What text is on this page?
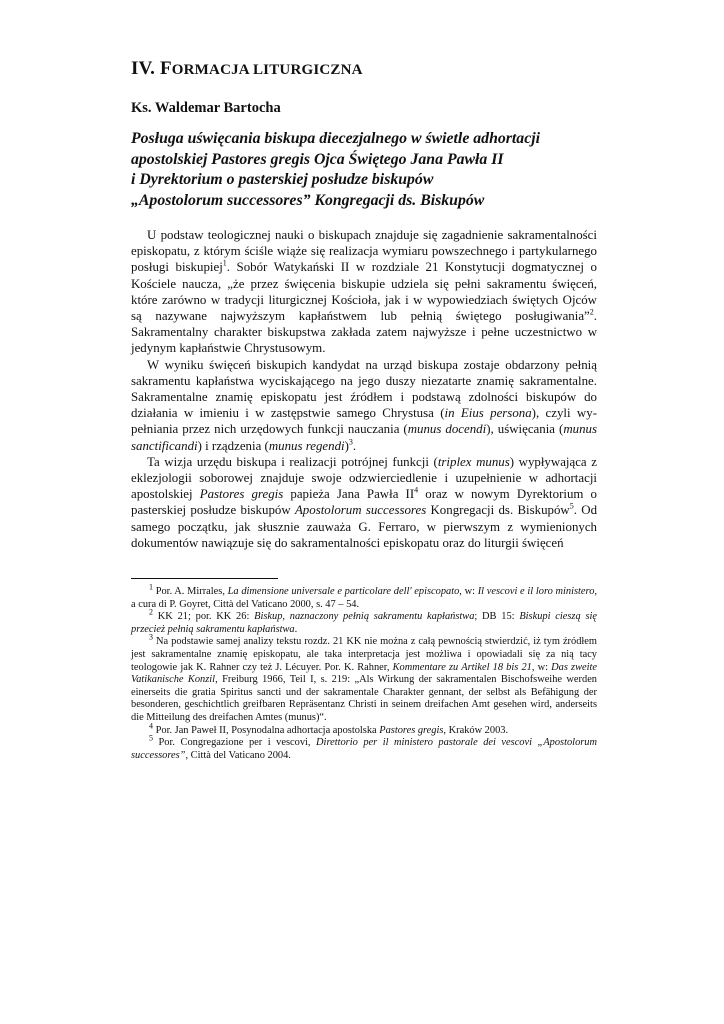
IV. FORMACJA LITURGICZNA
Ks. Waldemar Bartocha
Posługa uświęcania biskupa diecezjalnego w świetle adhortacji
apostolskiej Pastores gregis Ojca Świętego Jana Pawła II
i Dyrektorium o pasterskiej posłudze biskupów
„Apostolorum successores” Kongregacji ds. Biskupów

U podstaw teologicznej nauki o biskupach znajduje się zagadnienie sakramentalności episkopatu, z którym ściśle wiąże się realizacja wymiaru powszechnego i partykularnego posługi biskupiej$^1$. Sobór Watykański II w rozdziale 21 Konstytucji dogmatycznej o Kościele naucza, „że przez święcenia biskupie udziela się pełni sakramentu święceń, które zarówno w tradycji liturgicznej Kościoła, jak i w wypowiedziach świętych Ojców są nazywane najwyższym kapłaństwem lub pełnią świętego posługiwania”$^2$. Sakramentalny charakter biskupstwa zakłada zatem najwyższe i pełne uczestnictwo w jedynym kapłaństwie Chrystusowym.

W wyniku święceń biskupich kandydat na urząd biskupa zostaje obdarzony pełnią sakramentu kapłaństwa wyciskającego na jego duszy niezatarte znamię sakramentalne. Sakramentalne znamię episkopatu jest źródłem i podstawą zdolności biskupów do działania w imieniu i w zastępstwie samego Chrystusa (in Eius persona), czyli wypełniania przez nich urzędowych funkcji nauczania (munus docendi), uświęcania (munus sanctificandi) i rządzenia (munus regendi)$^3$.

Ta wizja urzędu biskupa i realizacji potrójnej funkcji (triplex munus) wypływająca z eklezjologii soborowej znajduje swoje odzwierciedlenie i uzupełnienie w adhortacji apostolskiej Pastores gregis papieża Jana Pawła $II^4$ oraz w nowym Dyrektorium o pasterskiej posłudze biskupów Apostolorum successores Kongregacji ds. Biskupów$^5$. Od samego początku, jak słusznie zauważa G. Ferraro, w pierwszym z wymienionych dokumentów nawiązuje się do sakramentalności episkopatu oraz do liturgii święceń

$^1$ Por. A. Mirrales, La dimensione universale e particolare dell' episcopato, w: Il vescovi e il loro ministero, a cura di P. Goyret, Città del Vaticano 2000, s. 47 – 54.

$^2$ KK 21; por. KK 26: Biskup, naznaczony pełnią sakramentu kapłaństwa; DB 15: Biskupi cieszą się przecież pełnią sakramentu kapłaństwa.

$^3$ Na podstawie samej analizy tekstu rozdz. 21 KK nie można z całą pewnością stwierdzić, iż tym źródłem jest sakramentalne znamię episkopatu, ale taka interpretacja jest możliwa i opowiadali się za nią tacy teologowie jak K. Rahner czy też J. Lécuyer. Por. K. Rahner, Kommentare zu Artikel 18 bis 21, w: Das zweite Vatikanische Konzil, Freiburg 1966, Teil I, s. 219: „Als Wirkung der sakramentalen Bischofsweihe werden einerseits die gratia Spiritus sancti und der sakramentale Charakter gennant, der selbst als Befähigung der besonderen, geschichtlich greifbaren Repräsentanz Christi in seinem dreifachen Amt gesehen wird, anderseits die Mitteilung des dreifachen Amtes (munus)“.

$^4$ Por. Jan Paweł II, Posynodalna adhortacja apostolska Pastores gregis, Kraków 2003.

$^5$ Por. Congregazione per i vescovi, Direttorio per il ministero pastorale dei vescovi „Apostolorum successores”, Città del Vaticano 2004.
